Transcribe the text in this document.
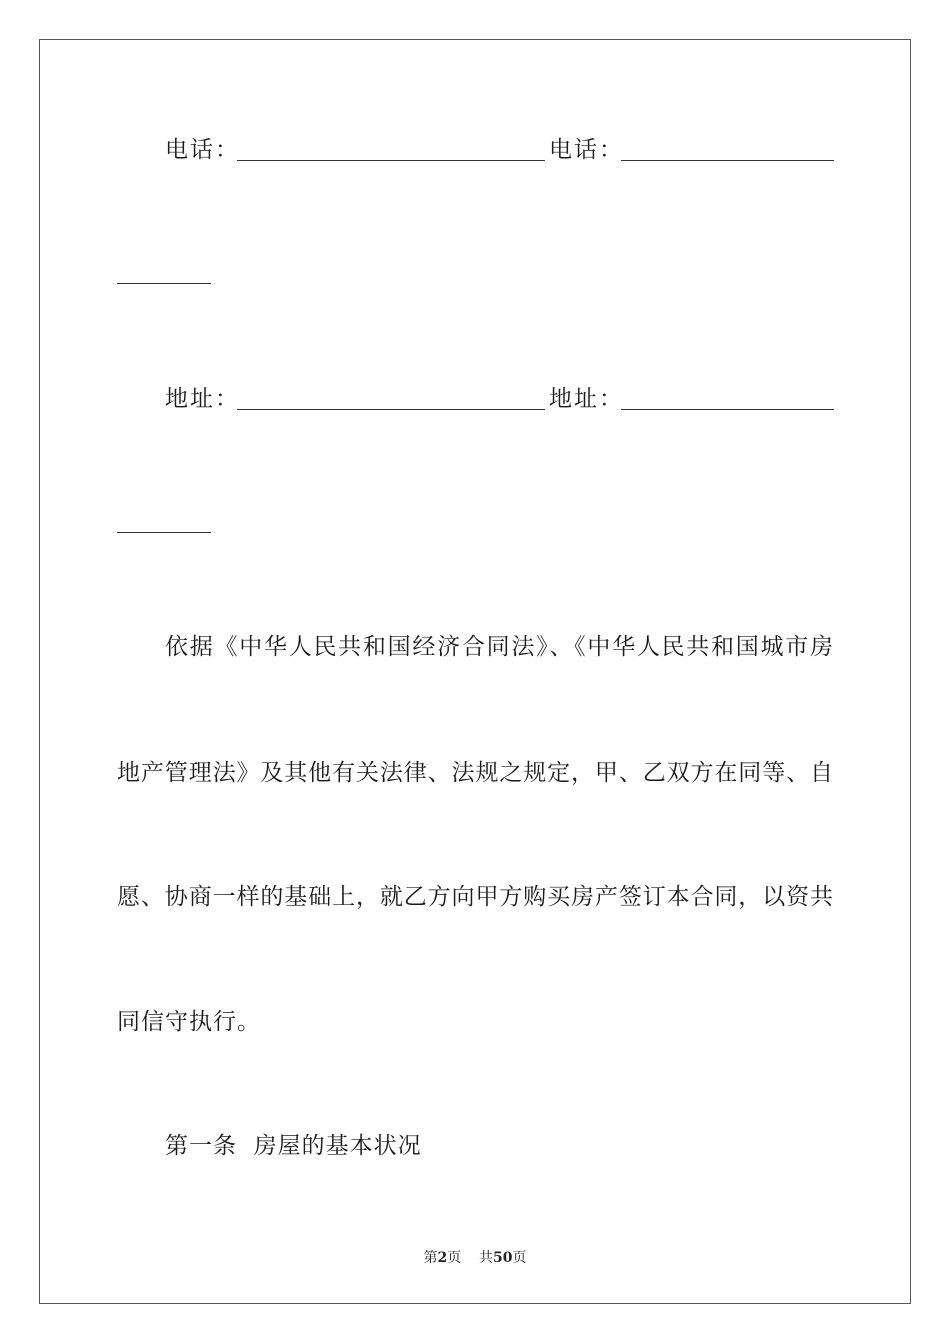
电话：	电话：
地址：	地址：
依据《中华人民共和国经济合同法》、《中华人民共和国城市房
地产管理法》及其他有关法律、法规之规定，甲、乙双方在同等、自
愿、协商一样的基础上，就乙方向甲方购买房产签订本合同，以资共
同信守执行。
第一条  房屋的基本状况
第2页 共50页
